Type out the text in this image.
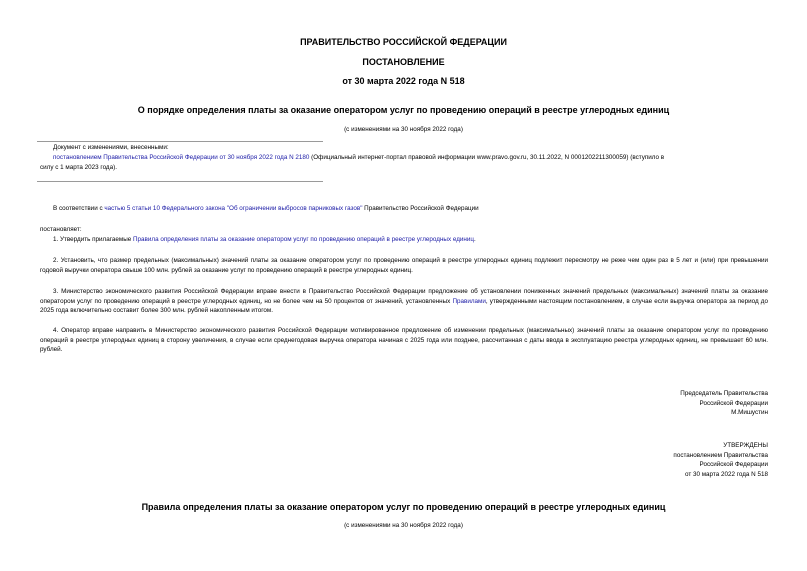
ПРАВИТЕЛЬСТВО РОССИЙСКОЙ ФЕДЕРАЦИИ
ПОСТАНОВЛЕНИЕ
от 30 марта 2022 года N 518
О порядке определения платы за оказание оператором услуг по проведению операций в реестре углеродных единиц
(с изменениями на 30 ноября 2022 года)
Документ с изменениями, внесенными:
постановлением Правительства Российской Федерации от 30 ноября 2022 года N 2180 (Официальный интернет-портал правовой информации www.pravo.gov.ru, 30.11.2022, N 0001202211300059) (вступило в
силу с 1 марта 2023 года).
В соответствии с частью 5 статьи 10 Федерального закона "Об ограничении выбросов парниковых газов" Правительство Российской Федерации
постановляет:
1. Утвердить прилагаемые Правила определения платы за оказание оператором услуг по проведению операций в реестре углеродных единиц.
2. Установить, что размер предельных (максимальных) значений платы за оказание оператором услуг по проведению операций в реестре углеродных единиц подлежит пересмотру не реже чем один раз в 5 лет и (или) при превышении годовой выручки оператора свыше 100 млн. рублей за оказание услуг по проведению операций в реестре углеродных единиц.
3. Министерство экономического развития Российской Федерации вправе внести в Правительство Российской Федерации предложение об установлении пониженных значений предельных (максимальных) значений платы за оказание оператором услуг по проведению операций в реестре углеродных единиц, но не более чем на 50 процентов от значений, установленных Правилами, утвержденными настоящим постановлением, в случае если выручка оператора за период до 2025 года включительно составит более 300 млн. рублей накопленным итогом.
4. Оператор вправе направить в Министерство экономического развития Российской Федерации мотивированное предложение об изменении предельных (максимальных) значений платы за оказание оператором услуг по проведению операций в реестре углеродных единиц в сторону увеличения, в случае если среднегодовая выручка оператора начиная с 2025 года или позднее, рассчитанная с даты ввода в эксплуатацию реестра углеродных единиц, не превышает 60 млн. рублей.
Председатель Правительства
Российской Федерации
М.Мишустин
УТВЕРЖДЕНЫ
постановлением Правительства
Российской Федерации
от 30 марта 2022 года N 518
Правила определения платы за оказание оператором услуг по проведению операций в реестре углеродных единиц
(с изменениями на 30 ноября 2022 года)
